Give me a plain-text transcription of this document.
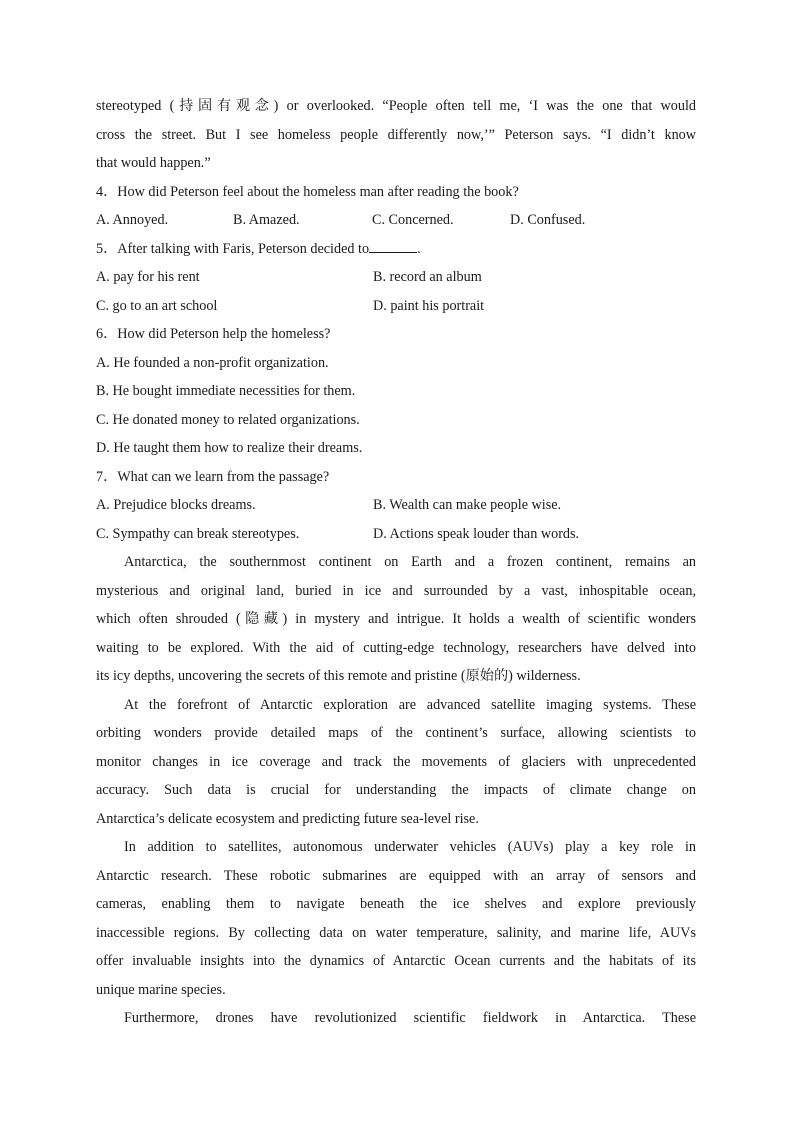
stereotyped (持固有观念) or overlooked. “People often tell me, ‘I was the one that would
cross the street. But I see homeless people differently now,’” Peterson says. “I didn’t know
that would happen.”
4．How did Peterson feel about the homeless man after reading the book?
A. Annoyed.	B. Amazed.	C. Concerned.	D. Confused.
5．After talking with Faris, Peterson decided to	.
A. pay for his rent	B. record an album
C. go to an art school	D. paint his portrait
6．How did Peterson help the homeless?
A. He founded a non-profit organization.
B. He bought immediate necessities for them.
C. He donated money to related organizations.
D. He taught them how to realize their dreams.
7．What can we learn from the passage?
A. Prejudice blocks dreams.	B. Wealth can make people wise.
C. Sympathy can break stereotypes.	D. Actions speak louder than words.
Antarctica, the southernmost continent on Earth and a frozen continent, remains an
mysterious and original land, buried in ice and surrounded by a vast, inhospitable ocean,
which often shrouded (隐藏) in mystery and intrigue. It holds a wealth of scientific wonders
waiting to be explored. With the aid of cutting-edge technology, researchers have delved into
its icy depths, uncovering the secrets of this remote and pristine (原始的) wilderness.
At the forefront of Antarctic exploration are advanced satellite imaging systems. These
orbiting wonders provide detailed maps of the continent’s surface, allowing scientists to
monitor changes in ice coverage and track the movements of glaciers with unprecedented
accuracy. Such data is crucial for understanding the impacts of climate change on
Antarctica’s delicate ecosystem and predicting future sea-level rise.
In addition to satellites, autonomous underwater vehicles (AUVs) play a key role in
Antarctic research. These robotic submarines are equipped with an array of sensors and
cameras, enabling them to navigate beneath the ice shelves and explore previously
inaccessible regions. By collecting data on water temperature, salinity, and marine life, AUVs
offer invaluable insights into the dynamics of Antarctic Ocean currents and the habitats of its
unique marine species.
Furthermore, drones have revolutionized scientific fieldwork in Antarctica. These
